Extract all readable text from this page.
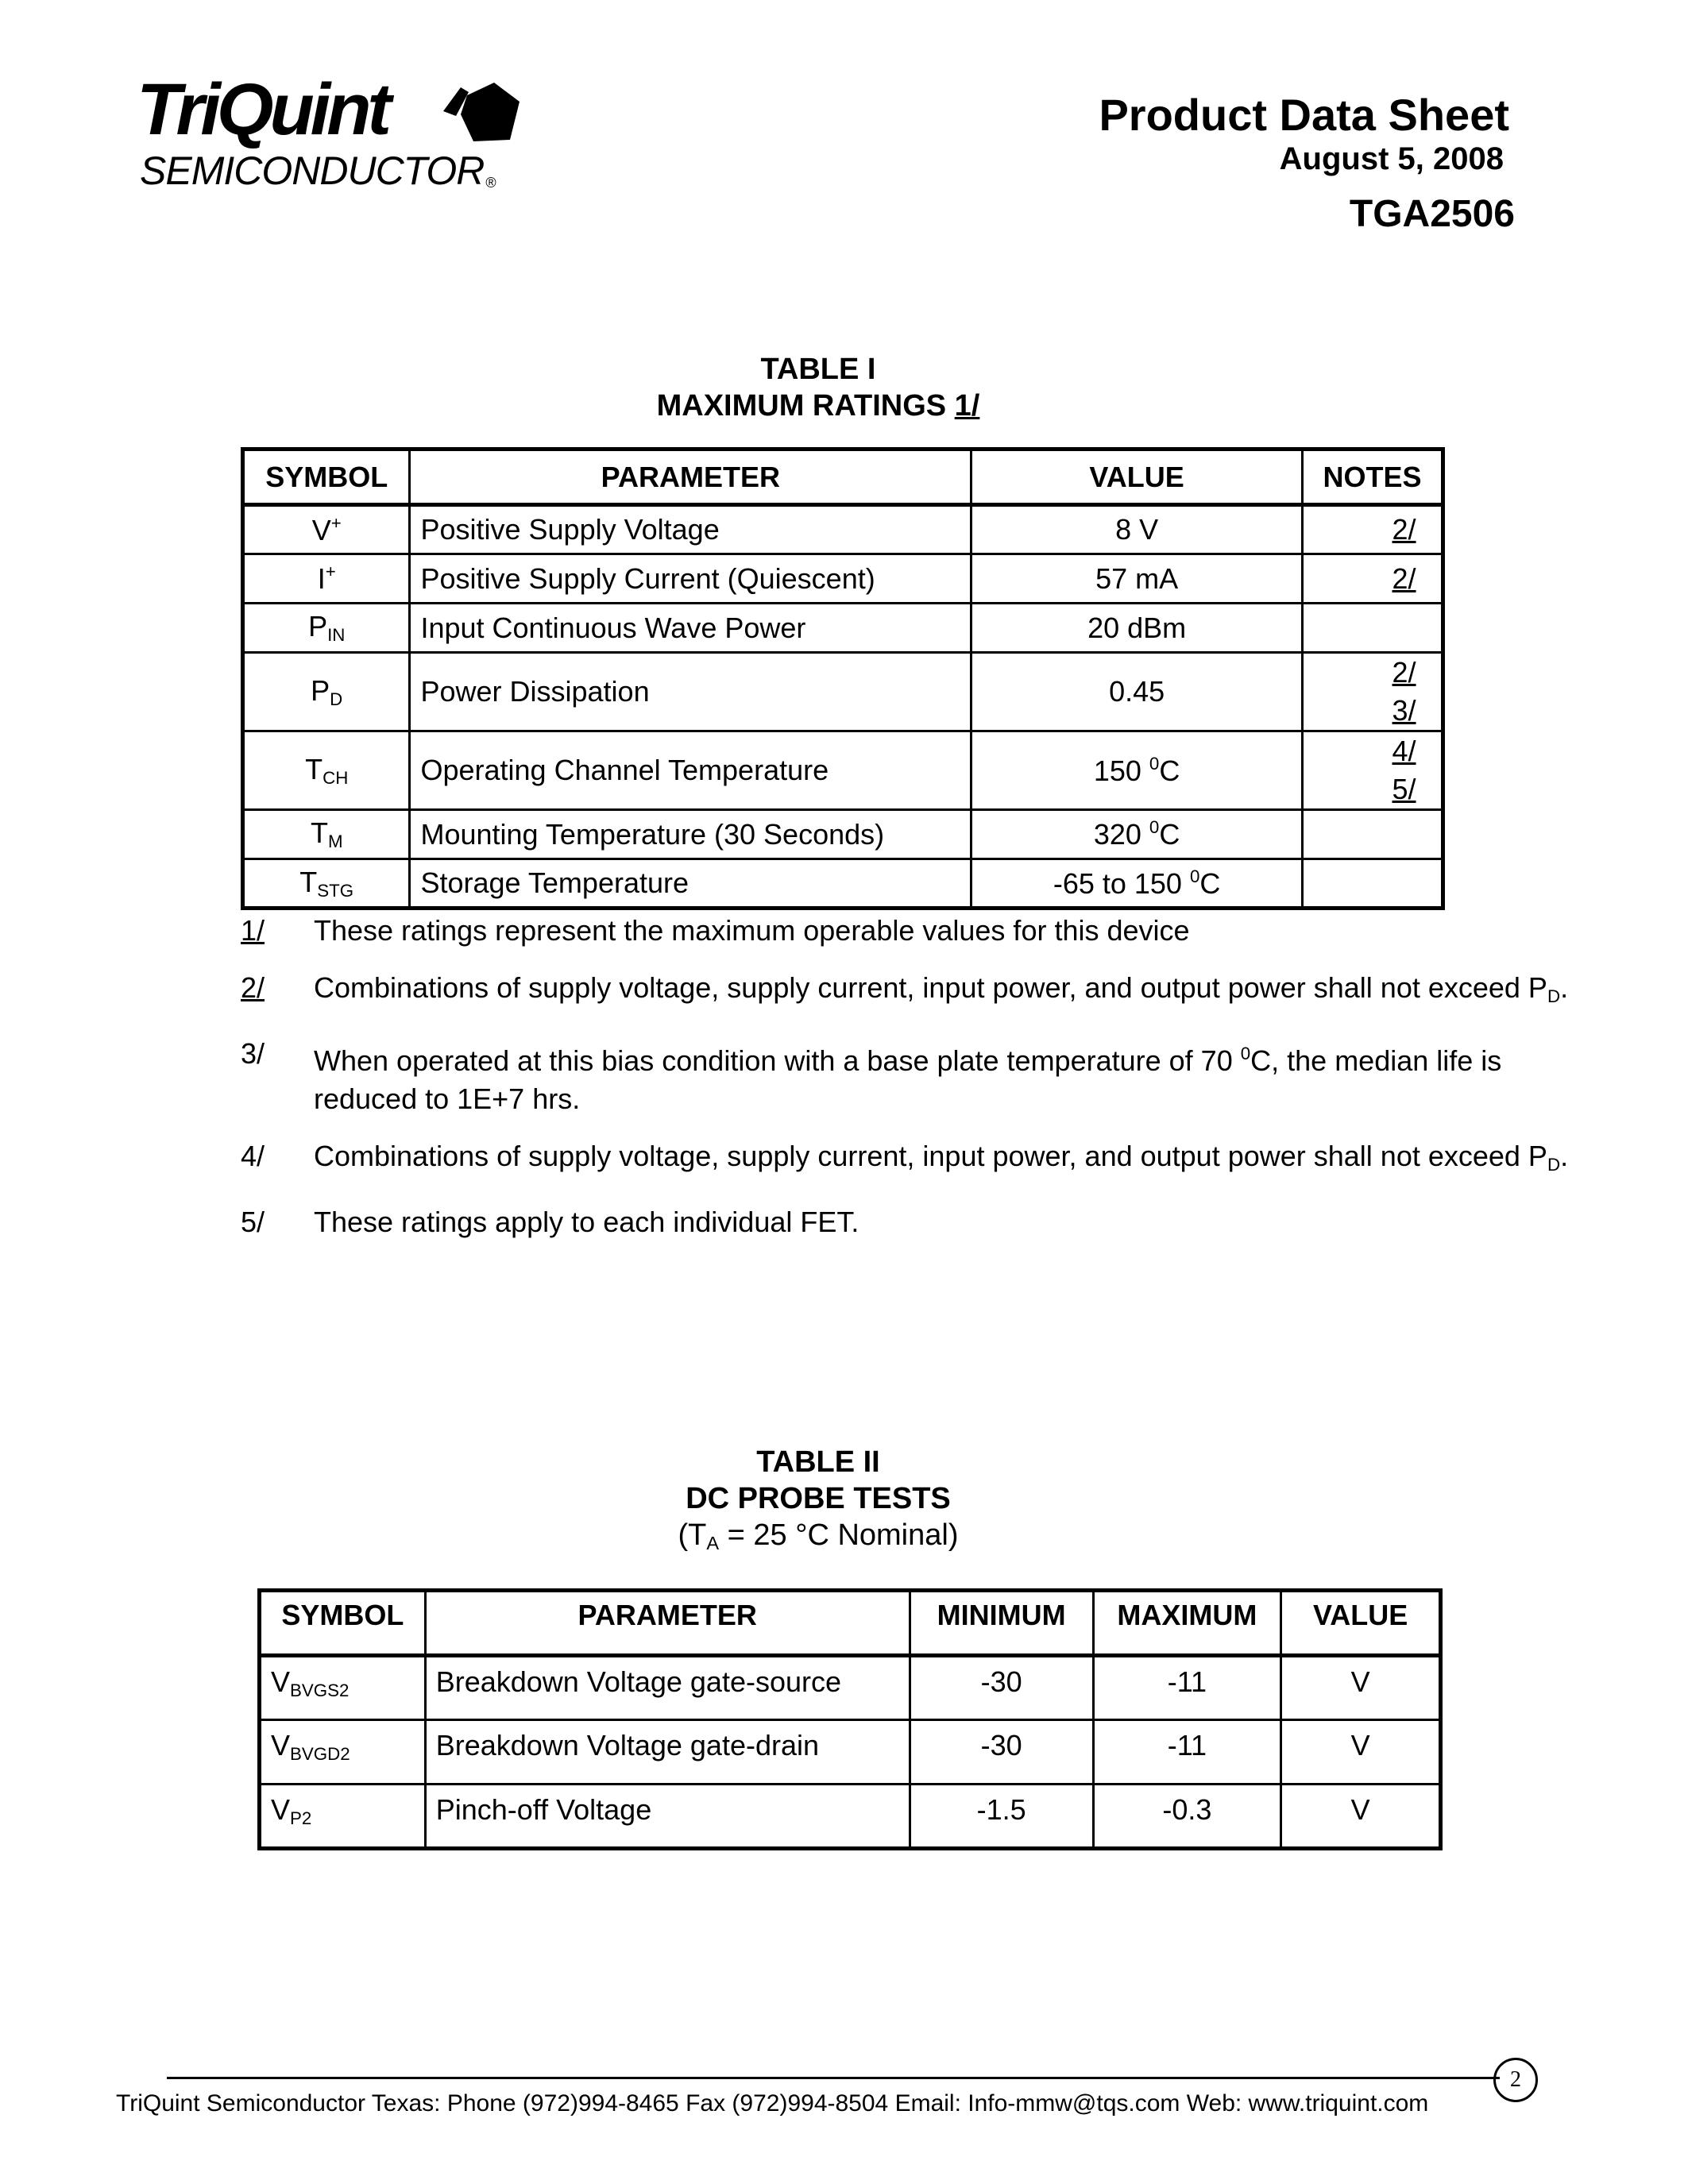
TriQuint
SEMICONDUCTOR ®
Product Data Sheet
August 5, 2008
TGA2506
TABLE I
MAXIMUM RATINGS 1/
SYMBOL	PARAMETER	VALUE	NOTES
V+	Positive Supply Voltage	8 V	2/
I+	Positive Supply Current (Quiescent)	57 mA	2/
$P_{IN}$	Input Continuous Wave Power	20 dBm	
$P_D$	Power Dissipation	0.45	2/ 3/
$T_{CH}$	Operating Channel Temperature	150 $^0$C	4/ 5/
$T_M$	Mounting Temperature (30 Seconds)	320 $^0$C	
$T_{STG}$	Storage Temperature	-65 to 150 $^0$C	
1/ These ratings represent the maximum operable values for this device
2/ Combinations of supply voltage, supply current, input power, and output power shall not exceed $P_D$.
3/ When operated at this bias condition with a base plate temperature of 70 $^0$C, the median life is reduced to 1E+7 hrs.
4/ Combinations of supply voltage, supply current, input power, and output power shall not exceed $P_D$.
5/ These ratings apply to each individual FET.
TABLE II
DC PROBE TESTS
($T_A = 25$ °C Nominal)
SYMBOL	PARAMETER	MINIMUM	MAXIMUM	VALUE
$V_{BVGS2}$	Breakdown Voltage gate-source	-30	-11	V
$V_{BVGD2}$	Breakdown Voltage gate-drain	-30	-11	V
$V_{P2}$	Pinch-off Voltage	-1.5	-0.3	V
2
TriQuint Semiconductor Texas: Phone (972)994-8465 Fax (972)994-8504 Email: Info-mmw@tqs.com Web: www.triquint.com
